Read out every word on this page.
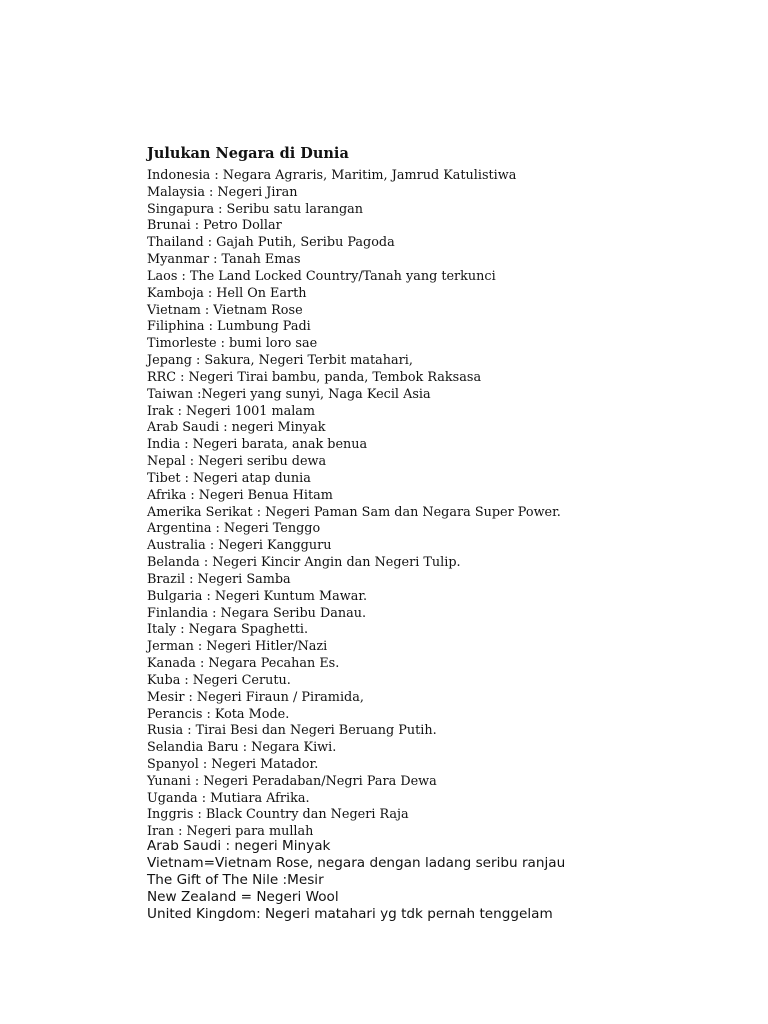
Julukan Negara di Dunia
Indonesia : Negara Agraris, Maritim, Jamrud Katulistiwa
Malaysia : Negeri Jiran
Singapura : Seribu satu larangan
Brunai : Petro Dollar
Thailand : Gajah Putih, Seribu Pagoda
Myanmar : Tanah Emas
Laos : The Land Locked Country/Tanah yang terkunci
Kamboja : Hell On Earth
Vietnam : Vietnam Rose
Filiphina : Lumbung Padi
Timorleste : bumi loro sae
Jepang : Sakura, Negeri Terbit matahari,
RRC : Negeri Tirai bambu, panda, Tembok Raksasa
Taiwan :Negeri yang sunyi, Naga Kecil Asia
Irak : Negeri 1001 malam
Arab Saudi : negeri Minyak
India : Negeri barata, anak benua
Nepal : Negeri seribu dewa
Tibet : Negeri atap dunia
Afrika : Negeri Benua Hitam
Amerika Serikat : Negeri Paman Sam dan Negara Super Power.
Argentina : Negeri Tenggo
Australia : Negeri Kangguru
Belanda : Negeri Kincir Angin dan Negeri Tulip.
Brazil : Negeri Samba
Bulgaria : Negeri Kuntum Mawar.
Finlandia : Negara Seribu Danau.
Italy : Negara Spaghetti.
Jerman : Negeri Hitler/Nazi
Kanada : Negara Pecahan Es.
Kuba : Negeri Cerutu.
Mesir : Negeri Firaun / Piramida,
Perancis : Kota Mode.
Rusia : Tirai Besi dan Negeri Beruang Putih.
Selandia Baru : Negara Kiwi.
Spanyol : Negeri Matador.
Yunani : Negeri Peradaban/Negri Para Dewa
Uganda : Mutiara Afrika.
Inggris : Black Country dan Negeri Raja
Iran : Negeri para mullah
Arab Saudi : negeri Minyak
Vietnam=Vietnam Rose, negara dengan ladang seribu ranjau
The Gift of The Nile :Mesir
New Zealand = Negeri Wool
United Kingdom: Negeri matahari yg tdk pernah tenggelam
